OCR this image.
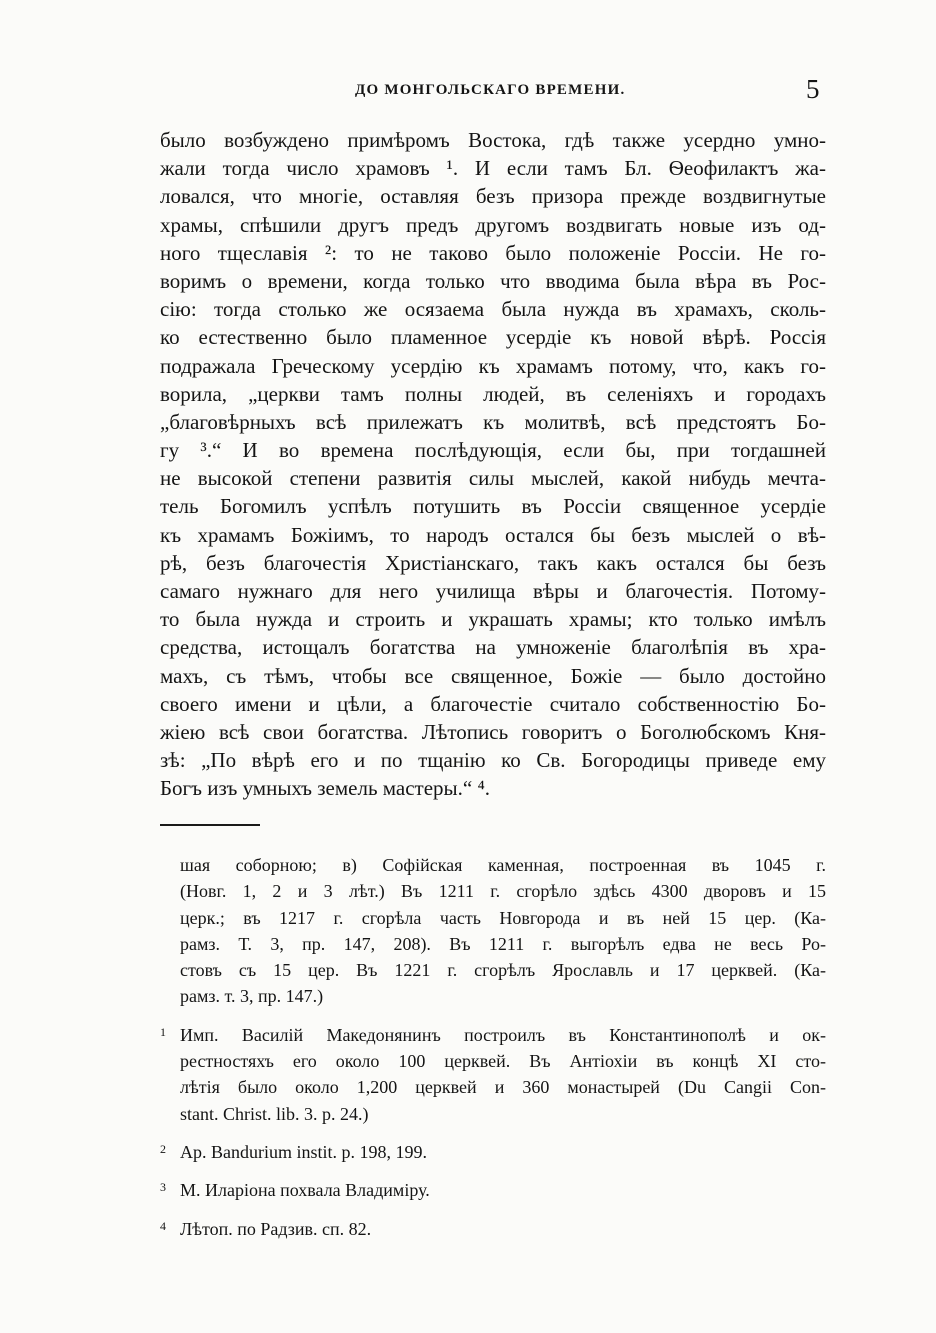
ДО МОНГОЛЬСКАГО ВРЕМЕНИ.	5
было возбуждено примѣромъ Востока, гдѣ также усердно умно-
жали тогда число храмовъ ¹. И если тамъ Бл. Ѳеофилактъ жа-
ловался, что многіе, оставляя безъ призора прежде воздвигнутые
храмы, спѣшили другъ предъ другомъ воздвигать новые изъ од-
ного тщеславія ²: то не таково было положеніе Россіи. Не го-
воримъ о времени, когда только что вводима была вѣра въ Рос-
сію: тогда столько же осязаема была нужда въ храмахъ, сколь-
ко естественно было пламенное усердіе къ новой вѣрѣ. Россія
подражала Греческому усердію къ храмамъ потому, что, какъ го-
ворила, „церкви тамъ полны людей, въ селеніяхъ и городахъ
„благовѣрныхъ всѣ прилежатъ къ молитвѣ, всѣ предстоятъ Бо-
гу ³.“ И во времена послѣдующія, если бы, при тогдашней
не высокой степени развитія силы мыслей, какой нибудь мечта-
тель Богомилъ успѣлъ потушить въ Россіи священное усердіе
къ храмамъ Божіимъ, то народъ остался бы безъ мыслей о вѣ-
рѣ, безъ благочестія Христіанскаго, такъ какъ остался бы безъ
самаго нужнаго для него училища вѣры и благочестія. Потому-
то была нужда и строить и украшать храмы; кто только имѣлъ
средства, истощалъ богатства на умноженіе благолѣпія въ хра-
махъ, съ тѣмъ, чтобы все священное, Божіе — было достойно
своего имени и цѣли, а благочестіе считало собственностію Бо-
жіею всѣ свои богатства. Лѣтопись говоритъ о Боголюбскомъ Кня-
зѣ: „По вѣрѣ его и по тщанію ко Св. Богородицы приведе ему
Богъ изъ умныхъ земель мастеры.“ ⁴.
шая соборною; в) Софійская каменная, построенная въ 1045 г.
(Новг. 1, 2 и 3 лѣт.) Въ 1211 г. сгорѣло здѣсь 4300 дворовъ и 15
церк.; въ 1217 г. сгорѣла часть Новгорода и въ ней 15 цер. (Ка-
рамз. Т. 3, пр. 147, 208). Въ 1211 г. выгорѣлъ едва не весь Ро-
стовъ съ 15 цер. Въ 1221 г. сгорѣлъ Ярославль и 17 церквей. (Ка-
рамз. т. 3, пр. 147.)
1 Имп. Василій Македонянинъ построилъ въ Константинополѣ и ок-
рестностяхъ его около 100 церквей. Въ Антіохіи въ концѣ XI сто-
лѣтія было около 1,200 церквей и 360 монастырей (Du Cangii Con-
stant. Christ. lib. 3. p. 24.)
2 Ap. Bandurium instit. p. 198, 199.
3 М. Иларіона похвала Владиміру.
4 Лѣтоп. по Радзив. сп. 82.
